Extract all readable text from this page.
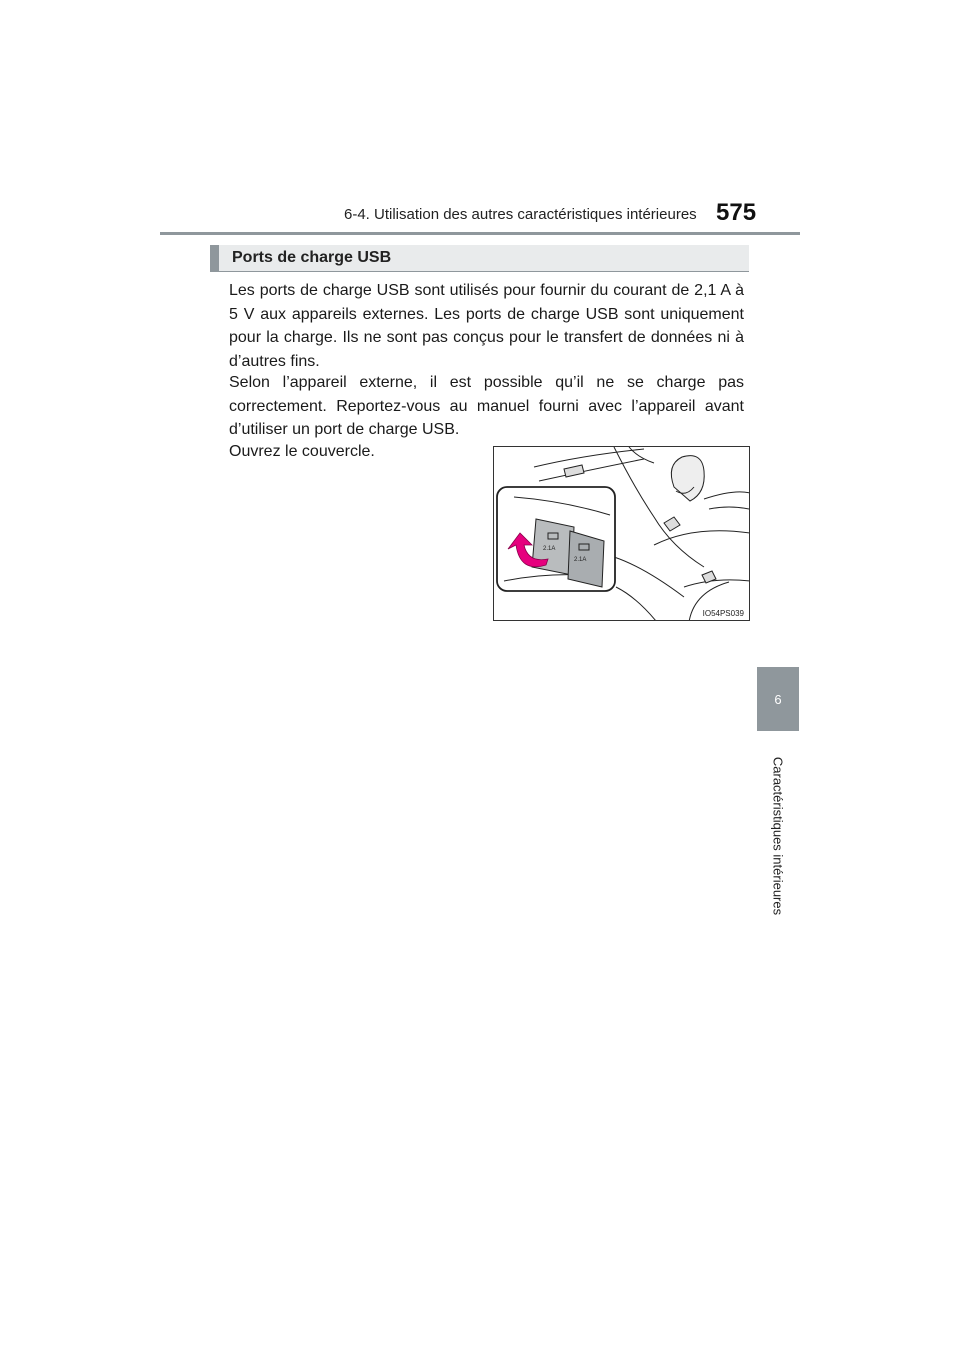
6-4. Utilisation des autres caractéristiques intérieures 575
6
Caractéristiques intérieures
Ports de charge USB

Les ports de charge USB sont utilisés pour fournir du courant de 2,1 A à 5 V aux appareils externes. Les ports de charge USB sont uniquement pour la charge. Ils ne sont pas conçus pour le transfert de données ni à d’autres fins.

Selon l’appareil externe, il est possible qu’il ne se charge pas correctement. Reportez-vous au manuel fourni avec l’appareil avant d’utiliser un port de charge USB.

Ouvrez le couvercle.

2.1A
2.1A
IO54PS039
